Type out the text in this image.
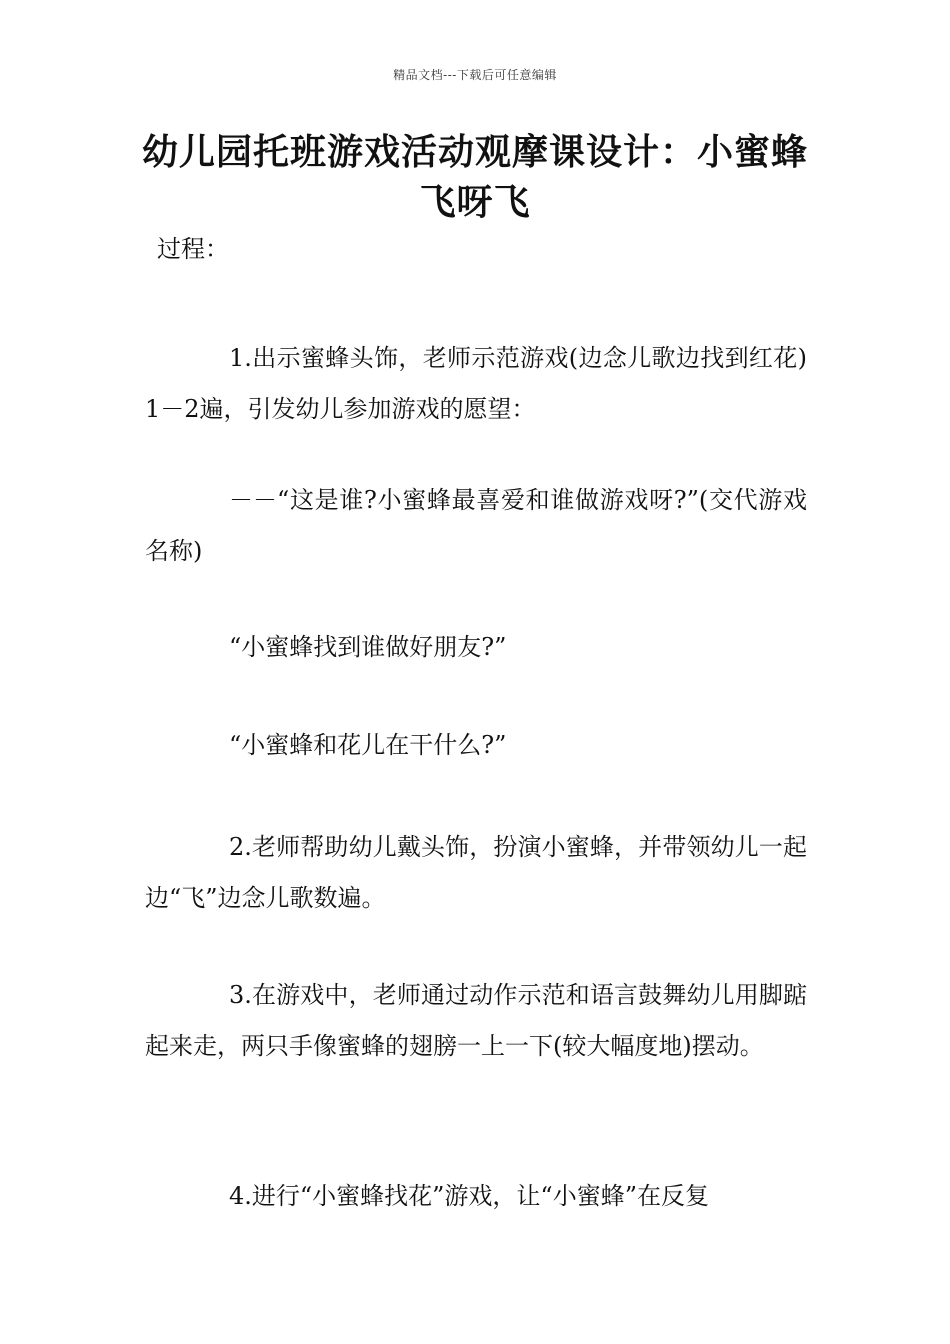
精品文档---下载后可任意编辑
幼儿园托班游戏活动观摩课设计：小蜜蜂飞呀飞
过程：

1.出示蜜蜂头饰，老师示范游戏(边念儿歌边找到红花)1－2遍，引发幼儿参加游戏的愿望：

－－“这是谁?小蜜蜂最喜爱和谁做游戏呀?”(交代游戏名称)

“小蜜蜂找到谁做好朋友?”

“小蜜蜂和花儿在干什么?”

2.老师帮助幼儿戴头饰，扮演小蜜蜂，并带领幼儿一起边“飞”边念儿歌数遍。

3.在游戏中，老师通过动作示范和语言鼓舞幼儿用脚踮起来走，两只手像蜜蜂的翅膀一上一下(较大幅度地)摆动。

4.进行“小蜜蜂找花”游戏，让“小蜜蜂”在反复
